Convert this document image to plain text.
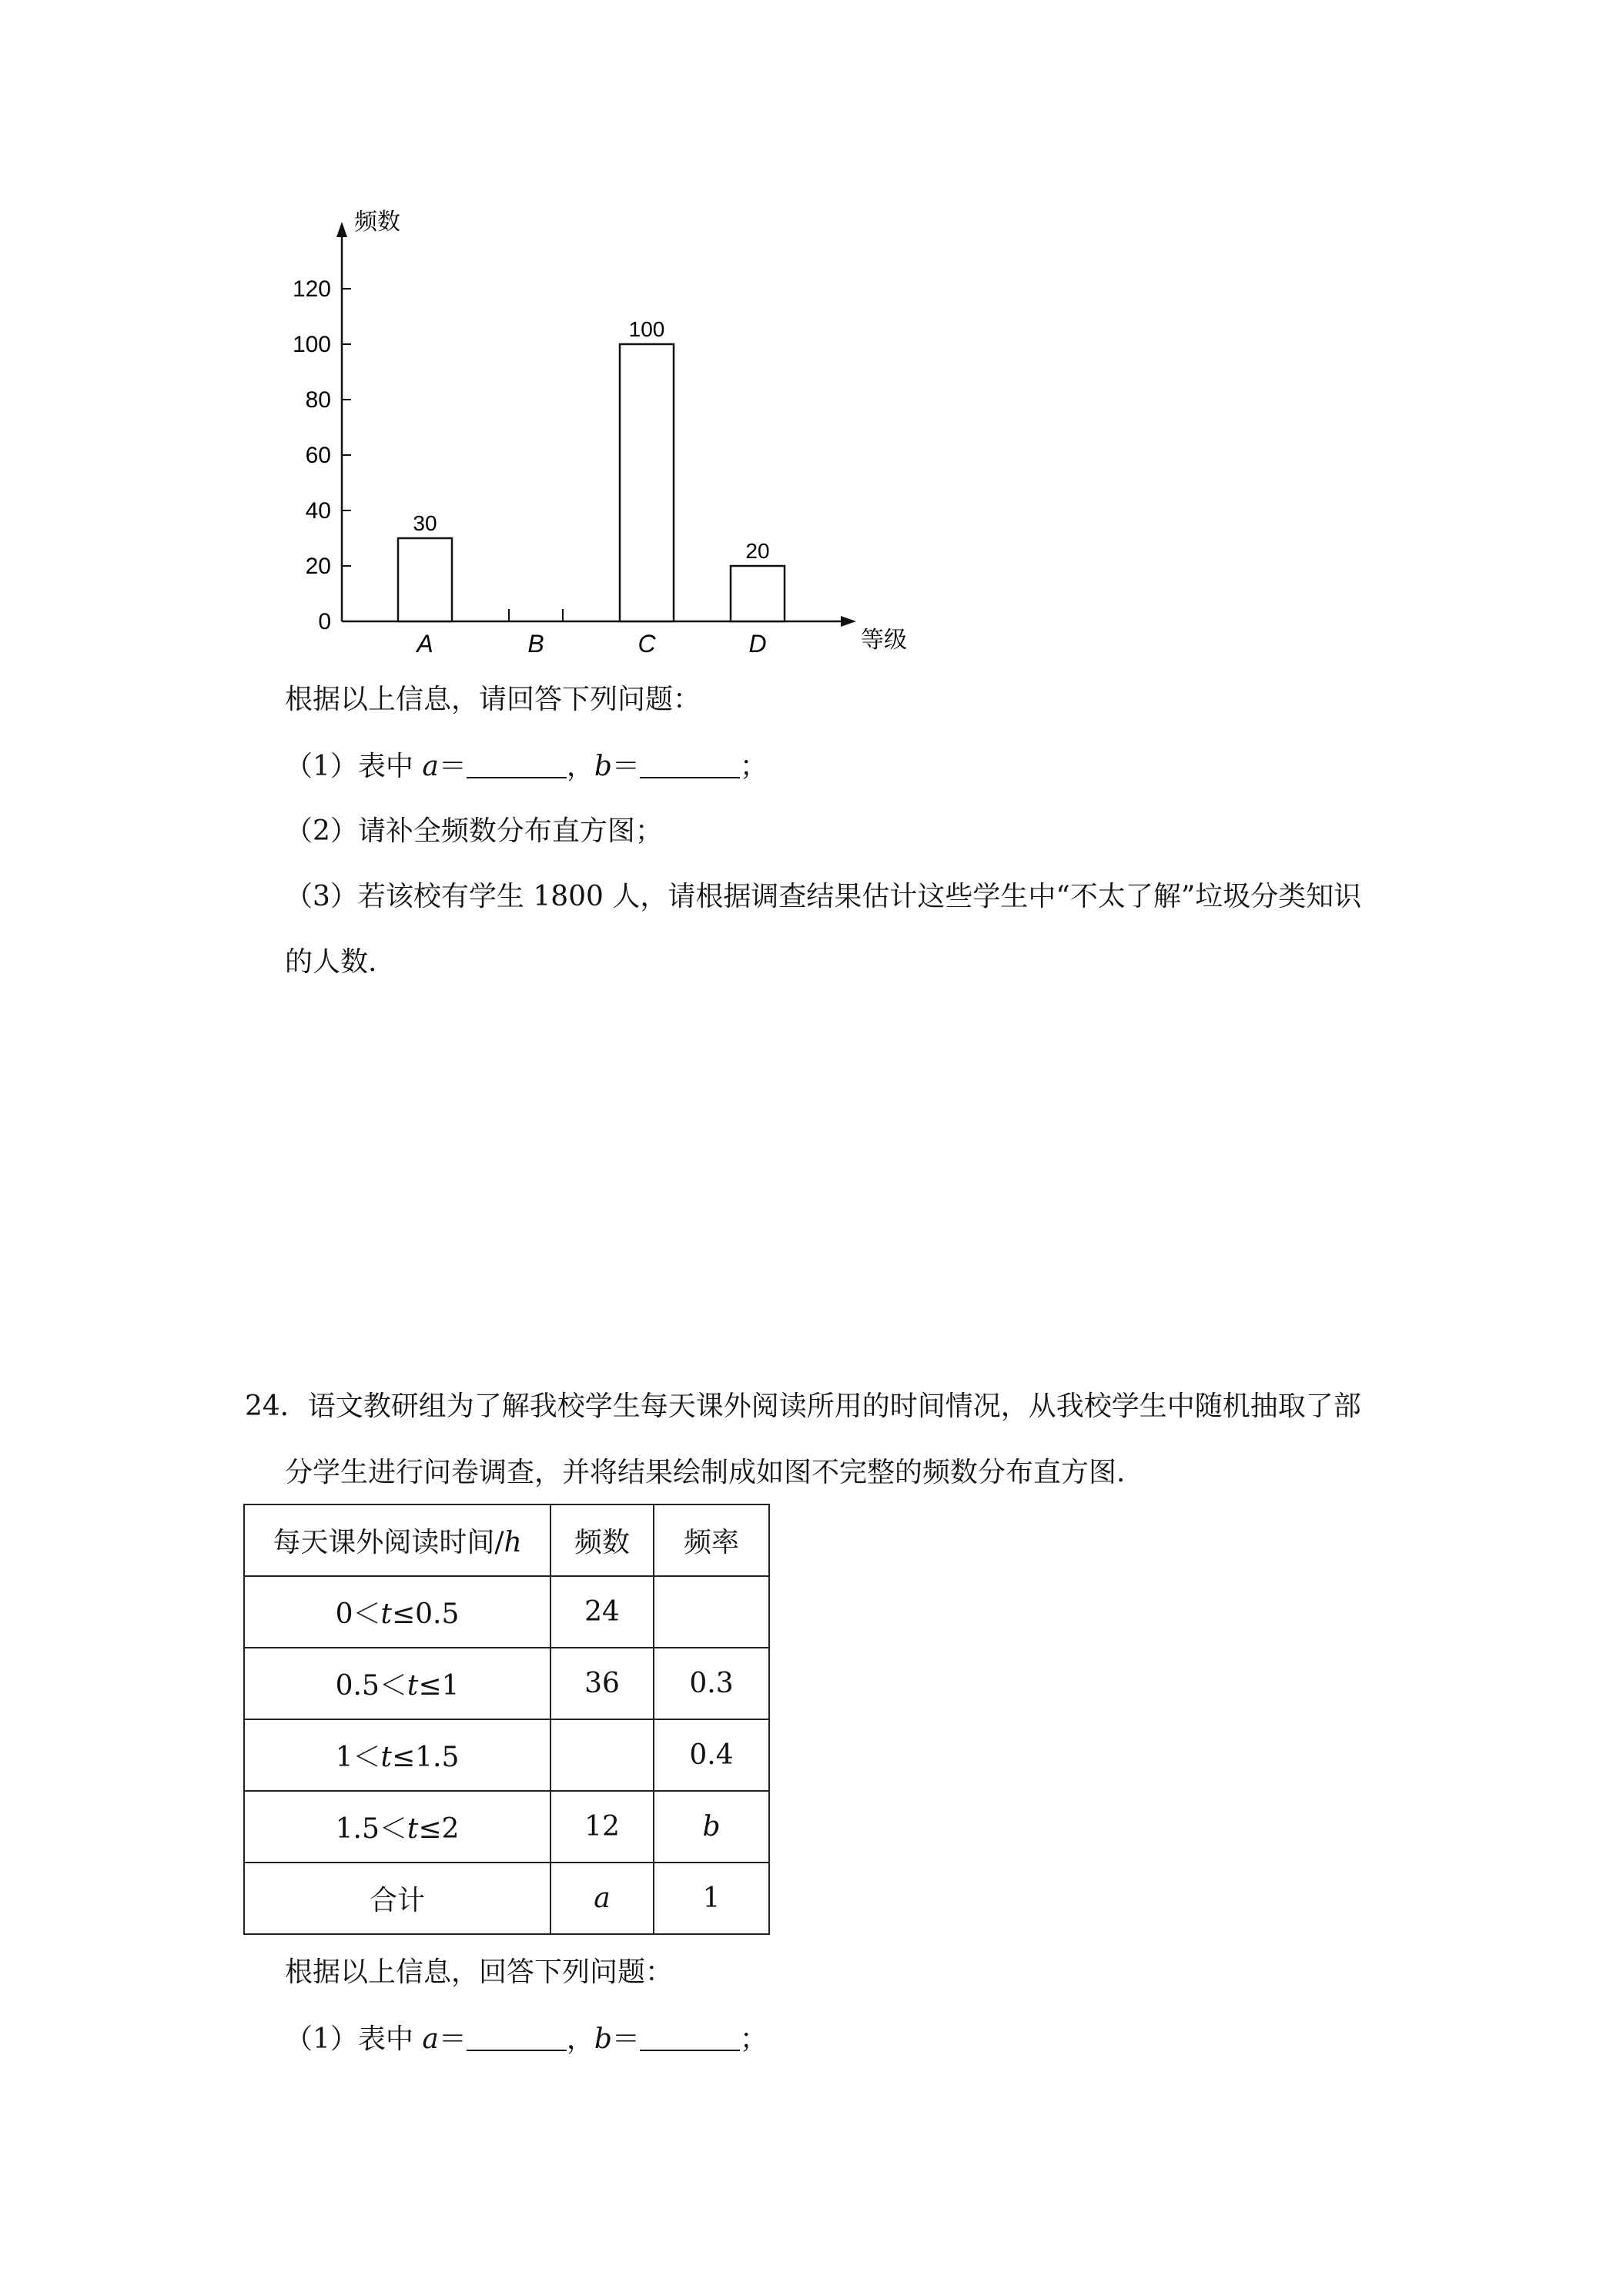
频数
等级
0
20
40
60
80
100
120
30
A	B
100
C
20
D
根据以上信息，请回答下列问题：
（1）表中 a＝	，b＝	；
（2）请补全频数分布直方图；
（3）若该校有学生 1800 人，请根据调查结果估计这些学生中“不太了解”垃圾分类知识
的人数.
24．语文教研组为了解我校学生每天课外阅读所用的时间情况，从我校学生中随机抽取了部
分学生进行问卷调查，并将结果绘制成如图不完整的频数分布直方图.
每天课外阅读时间/h	频数	频率
0＜t≤0.5	24	
0.5＜t≤1	36	0.3
1＜t≤1.5		0.4
1.5＜t≤2	12	b
合计	a	1
根据以上信息，回答下列问题：
（1）表中 a＝	，b＝	；
